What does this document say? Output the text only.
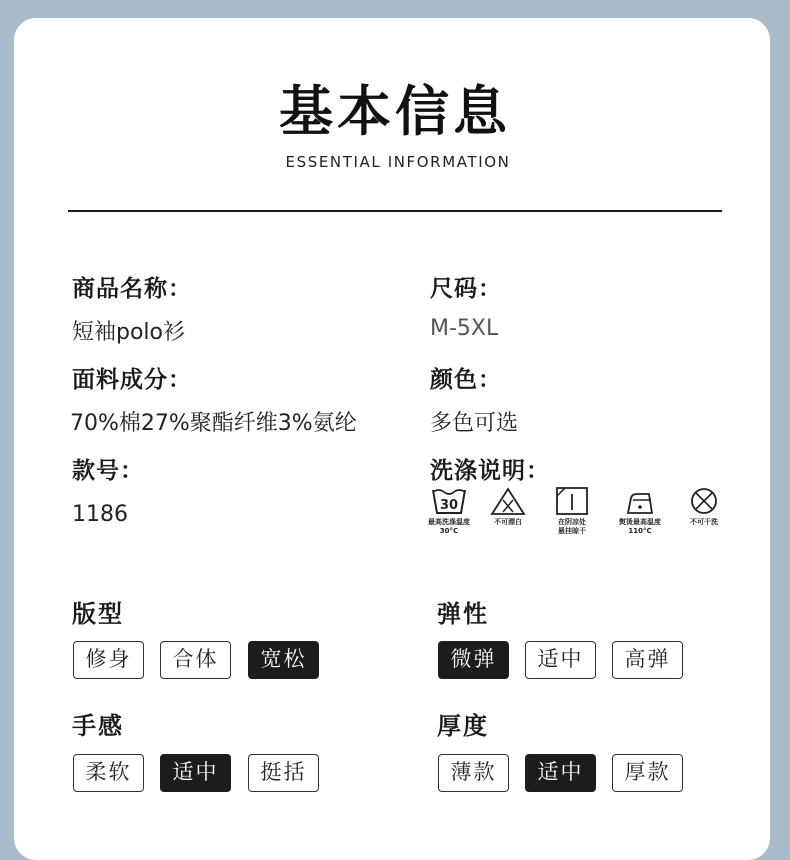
基本信息
ESSENTIAL INFORMATION
商品名称：
短袖polo衫
尺码：
M-5XL
面料成分：
70%棉27%聚酯纤维3%氨纶
颜色：
多色可选
款号：
1186
洗涤说明：
30
最高洗涤温度
30°C
不可漂白	在阴凉处
悬挂晾干
熨烫最高温度
110°C
不可干洗
版型
修身	合体	宽松
弹性
微弹	适中	高弹
手感
柔软	适中	挺括
厚度
薄款	适中	厚款
